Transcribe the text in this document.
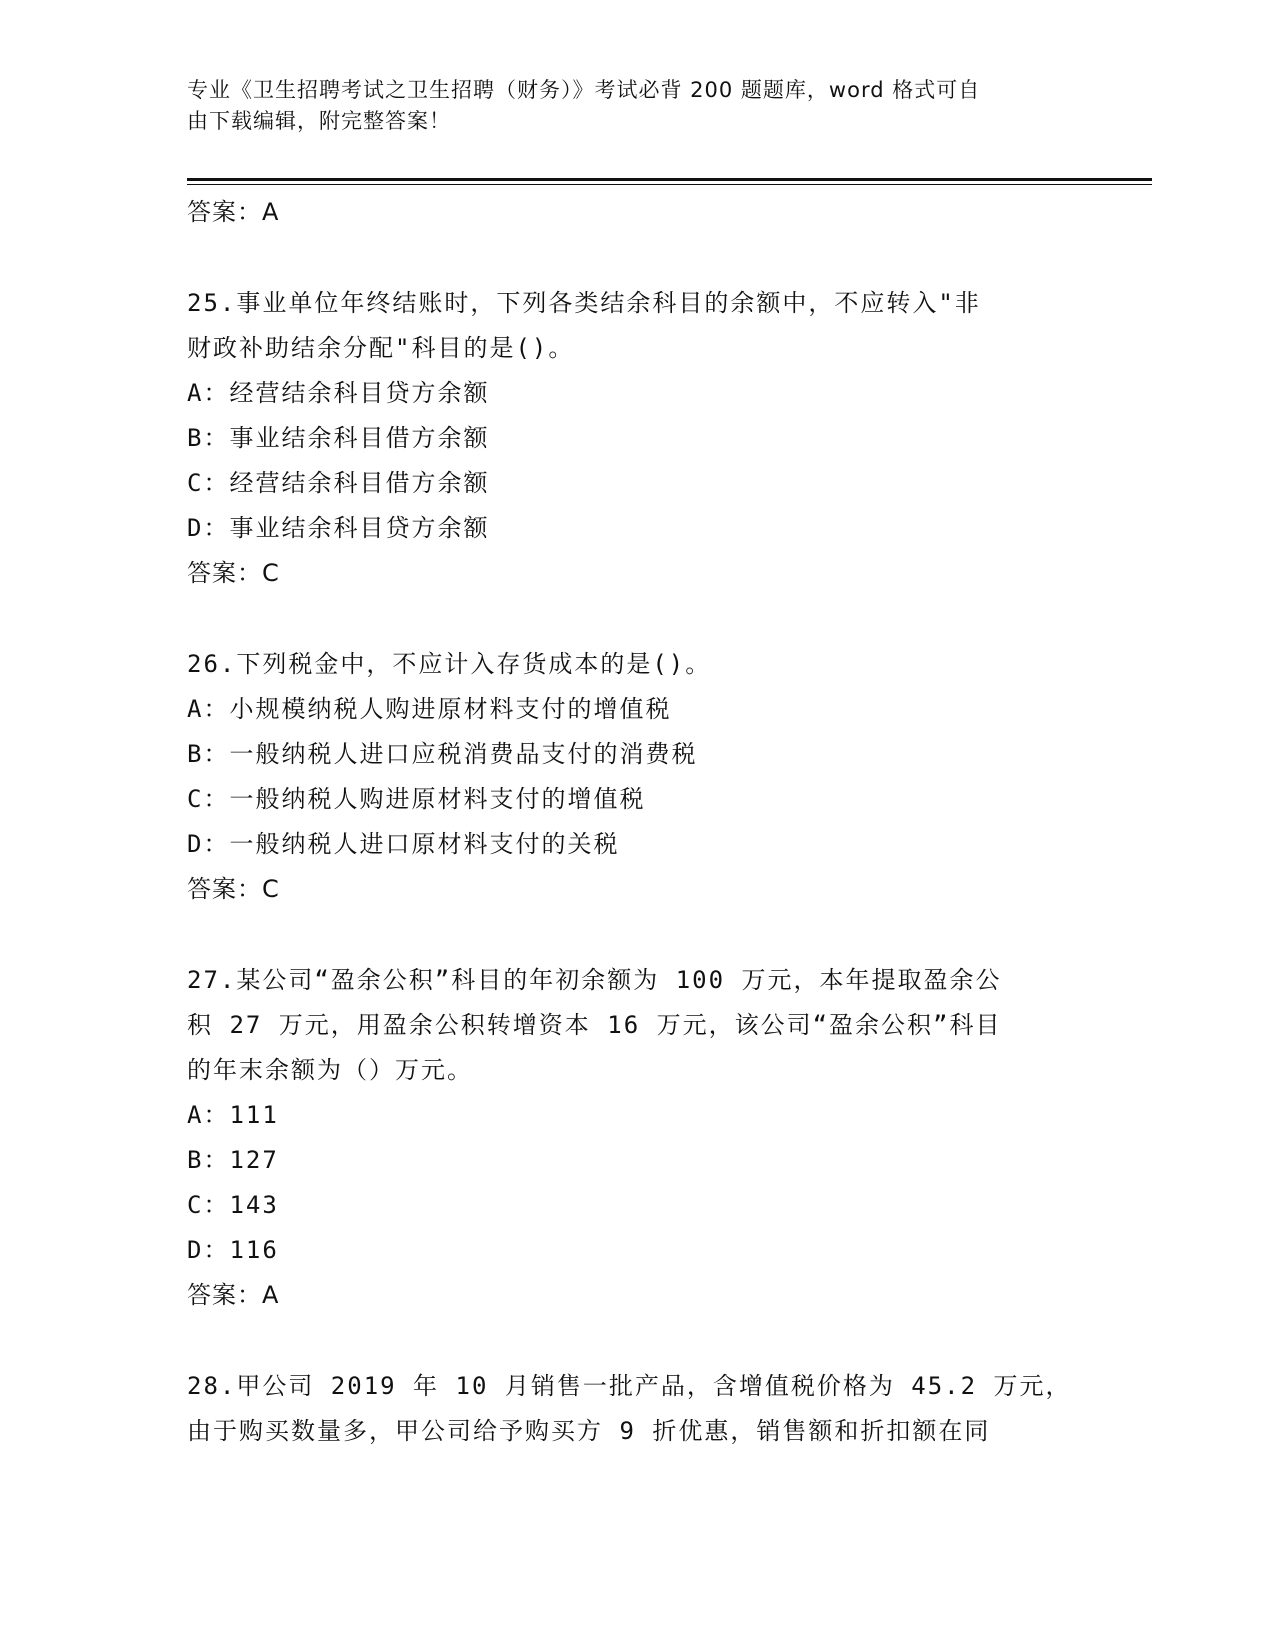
专业《卫生招聘考试之卫生招聘（财务）》考试必背 200 题题库，word 格式可自
由下载编辑，附完整答案！
答案：A
25.事业单位年终结账时，下列各类结余科目的余额中，不应转入"非
财政补助结余分配"科目的是()。
A：经营结余科目贷方余额
B：事业结余科目借方余额
C：经营结余科目借方余额
D：事业结余科目贷方余额
答案：C
26.下列税金中，不应计入存货成本的是()。
A：小规模纳税人购进原材料支付的增值税
B：一般纳税人进口应税消费品支付的消费税
C：一般纳税人购进原材料支付的增值税
D：一般纳税人进口原材料支付的关税
答案：C
27.某公司“盈余公积”科目的年初余额为 100 万元，本年提取盈余公
积 27 万元，用盈余公积转增资本 16 万元，该公司“盈余公积”科目
的年末余额为（）万元。
A：111
B：127
C：143
D：116
答案：A
28.甲公司 2019 年 10 月销售一批产品，含增值税价格为 45.2 万元，
由于购买数量多，甲公司给予购买方 9 折优惠，销售额和折扣额在同
